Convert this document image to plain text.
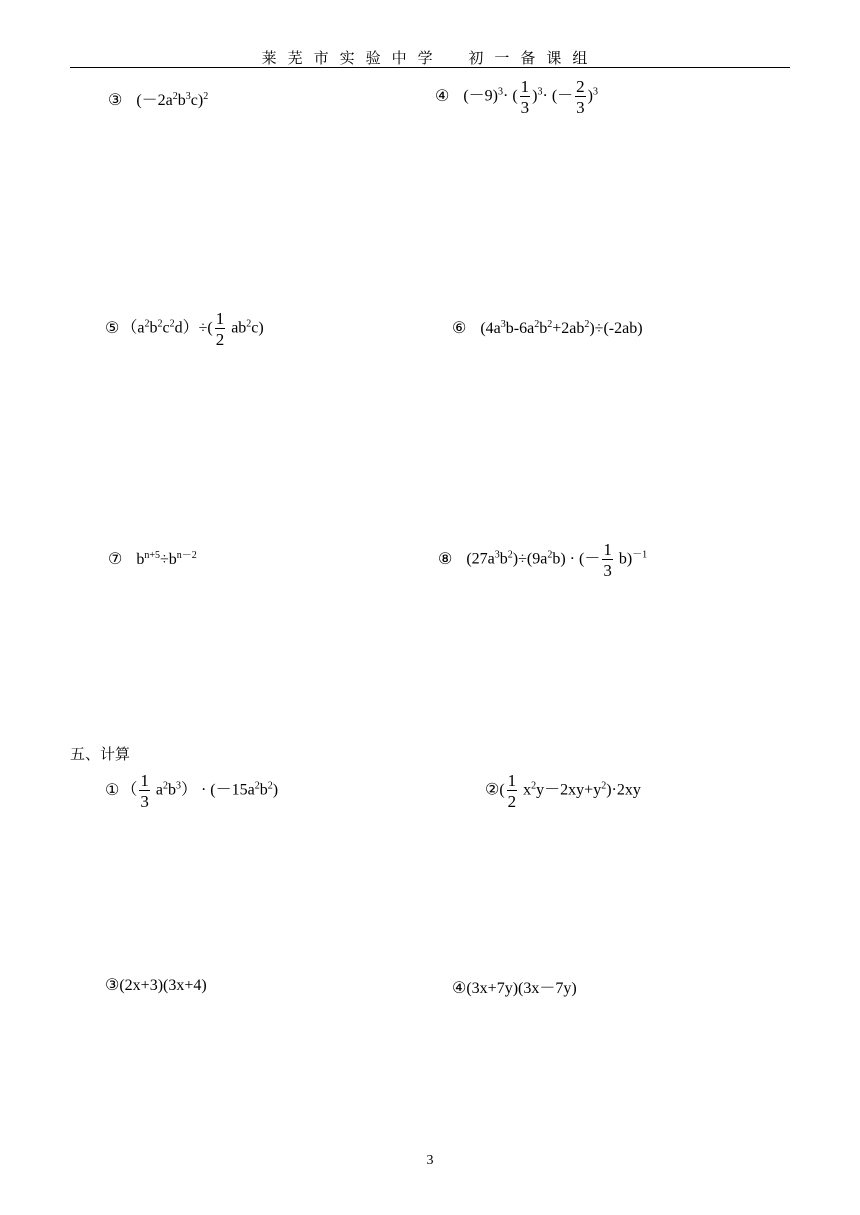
莱芜市实验中学 初一备课组
③ $(-2a^2b^3c)^2$	④ $(-9)^3\cdot$ ( $\frac{1}{3} )^3\cdot$ (－ $\frac{2}{3} )^3$
⑤ $(a^2b^2c^2d)\div( \frac{1}{2} ab^2c)$	⑥ $(4a^3b-6a^2b^2+2ab^2)\div(-2ab)$
⑦ $b^{n+5}\div b^{n-2}$	⑧ $(27a^3b^2)\div(9a^2b)$ · (－ $\frac{1}{3} b)^{-1}$
五、计算
① （ $\frac{1}{3} a^2b^3) \cdot (-15a^2b^2)$	②( $\frac{1}{2} x^2y-2xy+y^2)\cdot 2xy$
③(2x+3)(3x+4)	④(3x+7y)(3x－7y)
3
